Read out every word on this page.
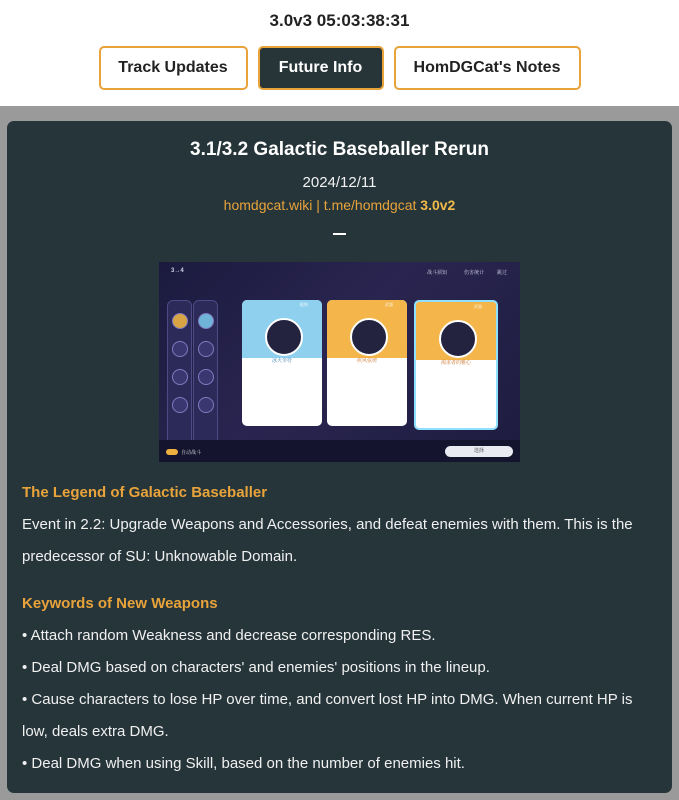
3.0v3 05:03:38:31
Track Updates	Future Info	HomDGCat's Notes
3.1/3.2 Galactic Baseballer Rerun
2024/12/11
homdgcat.wiki | t.me/homdgcat 3.0v2
3→4	战斗须知	伤害统计	跳过
冰火伞符
配饰
疾风弦律
武器
渴求者的雅心
武器
自动战斗	选择
The Legend of Galactic Baseballer
Event in 2.2: Upgrade Weapons and Accessories, and defeat enemies with them. This is the predecessor of SU: Unknowable Domain.
Keywords of New Weapons
• Attach random Weakness and decrease corresponding RES.
• Deal DMG based on characters' and enemies' positions in the lineup.
• Cause characters to lose HP over time, and convert lost HP into DMG. When current HP is low, deals extra DMG.
• Deal DMG when using Skill, based on the number of enemies hit.
